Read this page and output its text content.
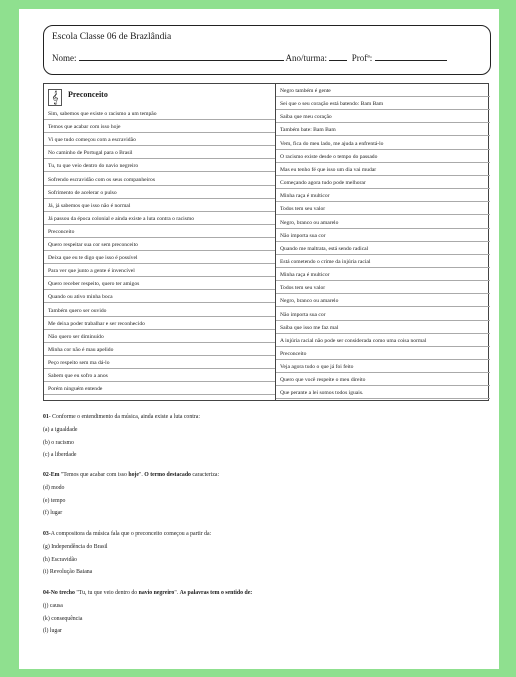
Escola Classe 06 de Brazlândia
Nome:	Ano/turma:	Profª:
𝄞	Preconceito
Sim, sabemos que existe o racismo a um tempão
Temos que acabar com isso hoje
Vi que tudo começou com a escravidão
No caminho de Portugal para o Brasil
Tu, tu que veio dentro do navio negreiro
Sofrendo escravidão com os seus companheiros
Sofrimento de acelerar o pulso
Já, já sabemos que isso não é normal
Já passou da época colonial e ainda existe a luta contra o racismo
Preconceito
Quero respeitar sua cor sem preconceito
Deixa que eu te digo que isso é possível
Para ver que junto a gente é invencível
Quero receber respeito, quero ter amigos
Quando ou ativo minha boca
Também quero ser ouvido
Me deixa poder trabalhar e ser reconhecido
Não quero ser diminuído
Minha cor não é mau apelido
Peço respeito sem ma dá-lo
Sabem que eu sofro a anos
Porém ninguém entende
Negro também é gente
Sei que o seu coração está batendo: Bam Bam
Saiba que meu coração
Também bate: Bam Bam
Vem, fica do meu lado, me ajuda a enfrentá-lo
O racismo existe desde o tempo do passado
Mas eu tenho fé que isso um dia vai mudar
Começando agora tudo pode melhorar
Minha raça é multicor
Todos tem seu valor
Negro, branco ou amarelo
Não importa sua cor
Quando me maltrata, está sendo radical
Está cometendo o crime da injúria racial
Minha raça é multicor
Todos tem seu valor
Negro, branco ou amarelo
Não importa sua cor
Saiba que isso me faz mal
A injúria racial não pode ser considerada como uma coisa normal
Preconceito
Veja agora tudo o que já foi feito
Quero que você respeite o meu direito
Que perante a lei somos todos iguais.
01- Conforme o entendimento da música, ainda existe a luta contra:
(a) a igualdade
(b) o racismo
(c) a liberdade
02-Em "Temos que acabar com isso hoje". O termo destacado caracteriza:
(d) modo
(e) tempo
(f) lugar
03-A compositora da música fala que o preconceito começou a partir da:
(g) Independência do Brasil
(h) Escravidão
(i) Revolução Baiana
04-No trecho "Tu, tu que veio dentro do navio negreiro". As palavras tem o sentido de:
(j) causa
(k) consequência
(l) lugar
